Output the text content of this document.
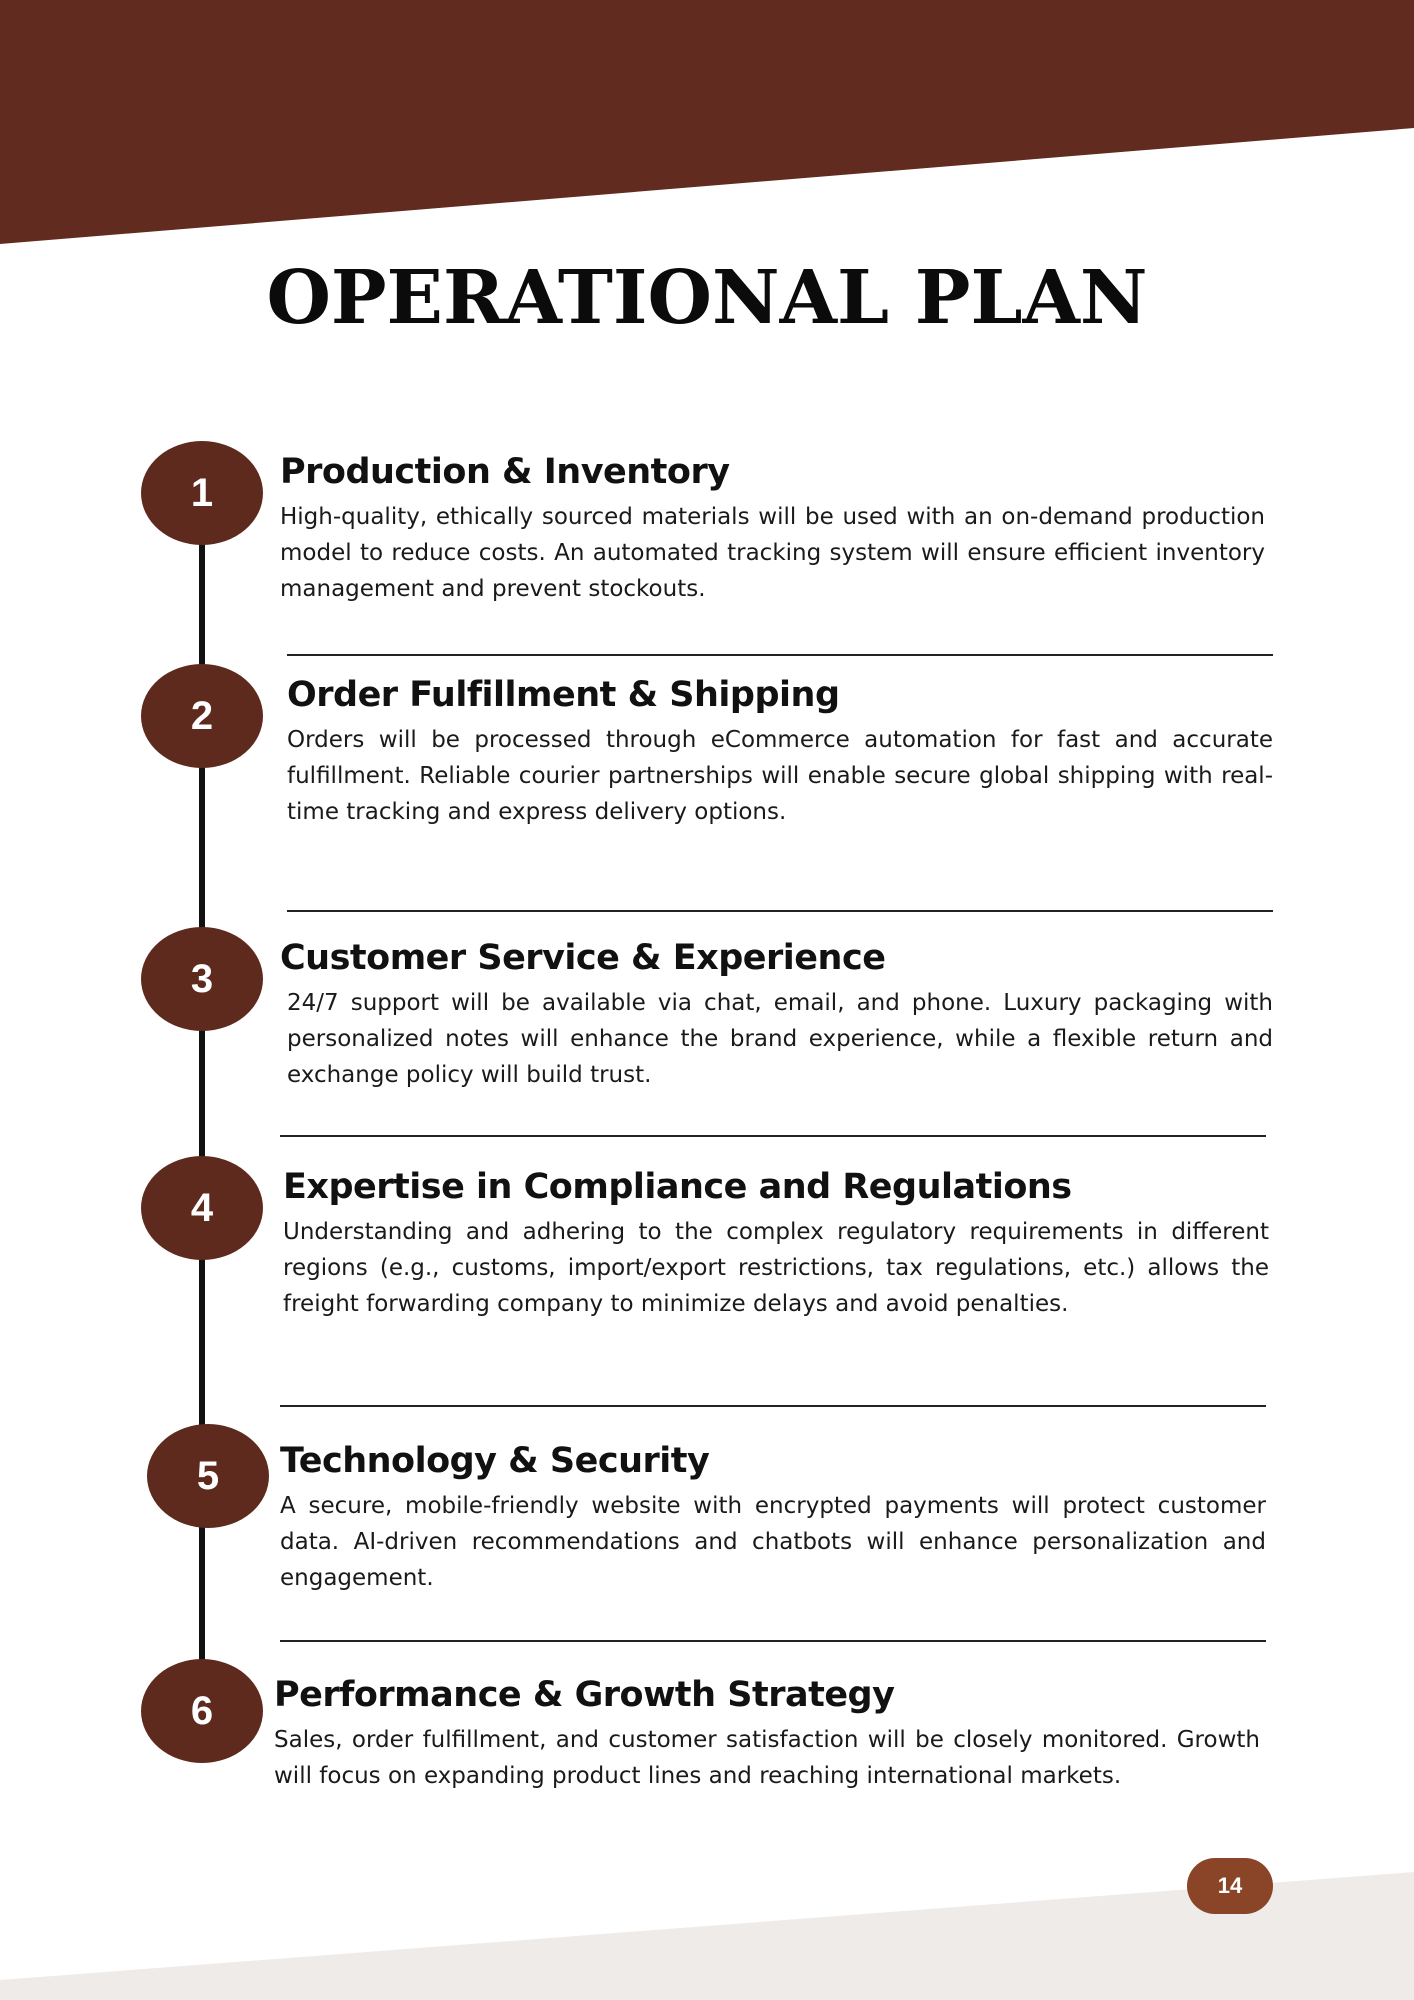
OPERATIONAL PLAN
1	Production & Inventory

High-quality, ethically sourced materials will be used with an on-demand production model to reduce costs. An automated tracking system will ensure efficient inventory management and prevent stockouts.

2	Order Fulfillment & Shipping

Orders will be processed through eCommerce automation for fast and accurate fulfillment. Reliable courier partnerships will enable secure global shipping with real-time tracking and express delivery options.

3	Customer Service & Experience

24/7 support will be available via chat, email, and phone. Luxury packaging with personalized notes will enhance the brand experience, while a flexible return and exchange policy will build trust.

4	Expertise in Compliance and Regulations

Understanding and adhering to the complex regulatory requirements in different regions (e.g., customs, import/export restrictions, tax regulations, etc.) allows the freight forwarding company to minimize delays and avoid penalties.

5	Technology & Security

A secure, mobile-friendly website with encrypted payments will protect customer data. AI-driven recommendations and chatbots will enhance personalization and engagement.

6	Performance & Growth Strategy

Sales, order fulfillment, and customer satisfaction will be closely monitored. Growth will focus on expanding product lines and reaching international markets.

14
